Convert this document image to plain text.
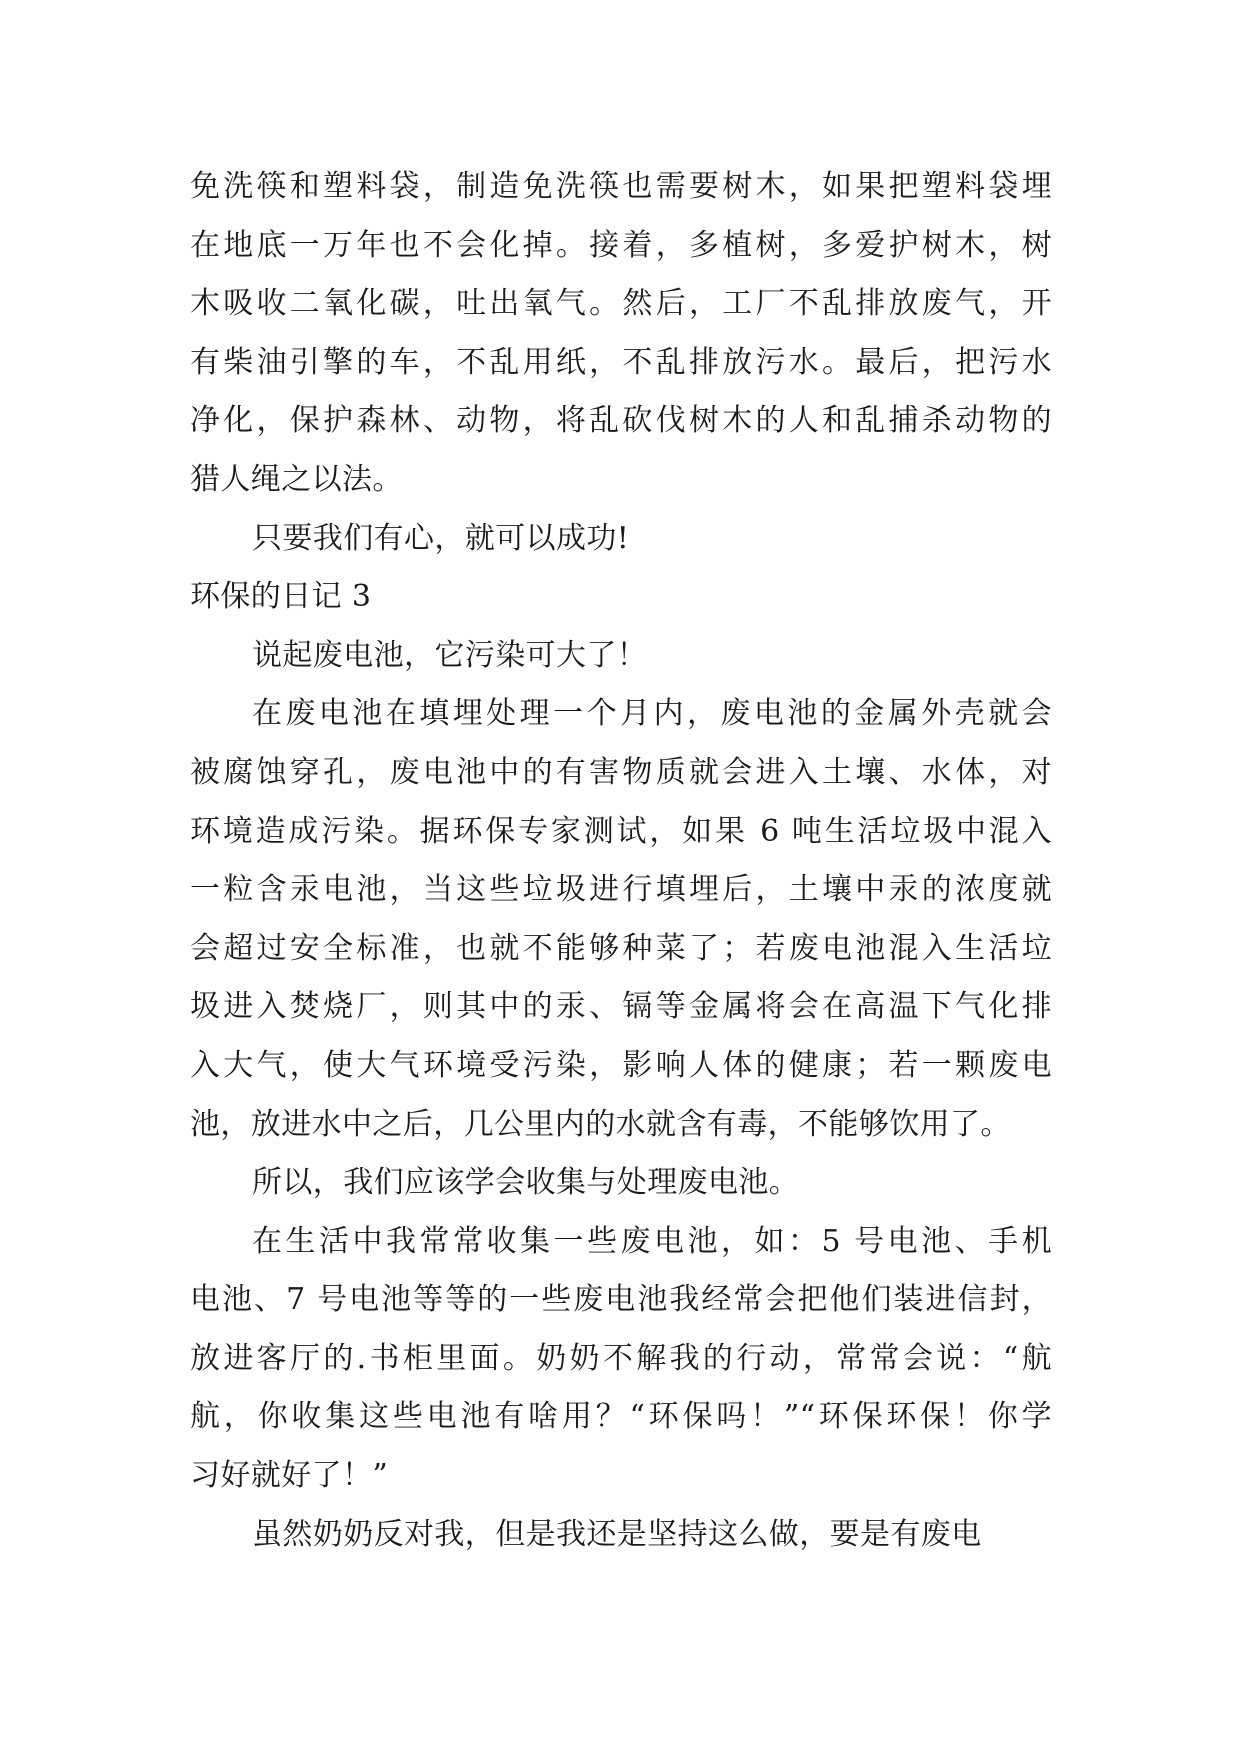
免洗筷和塑料袋，制造免洗筷也需要树木，如果把塑料袋埋
在地底一万年也不会化掉。接着，多植树，多爱护树木，树
木吸收二氧化碳，吐出氧气。然后，工厂不乱排放废气，开
有柴油引擎的车，不乱用纸，不乱排放污水。最后，把污水
净化，保护森林、动物，将乱砍伐树木的人和乱捕杀动物的
猎人绳之以法。
只要我们有心，就可以成功!
环保的日记 3
说起废电池，它污染可大了！
在废电池在填埋处理一个月内，废电池的金属外壳就会
被腐蚀穿孔，废电池中的有害物质就会进入土壤、水体，对
环境造成污染。据环保专家测试，如果 6 吨生活垃圾中混入
一粒含汞电池，当这些垃圾进行填埋后，土壤中汞的浓度就
会超过安全标准，也就不能够种菜了；若废电池混入生活垃
圾进入焚烧厂，则其中的汞、镉等金属将会在高温下气化排
入大气，使大气环境受污染，影响人体的健康；若一颗废电
池，放进水中之后，几公里内的水就含有毒，不能够饮用了。
所以，我们应该学会收集与处理废电池。
在生活中我常常收集一些废电池，如：5 号电池、手机
电池、7 号电池等等的一些废电池我经常会把他们装进信封，
放进客厅的.书柜里面。奶奶不解我的行动，常常会说：“航
航，你收集这些电池有啥用？“环保吗！”“环保环保！你学
习好就好了！”
虽然奶奶反对我，但是我还是坚持这么做，要是有废电
